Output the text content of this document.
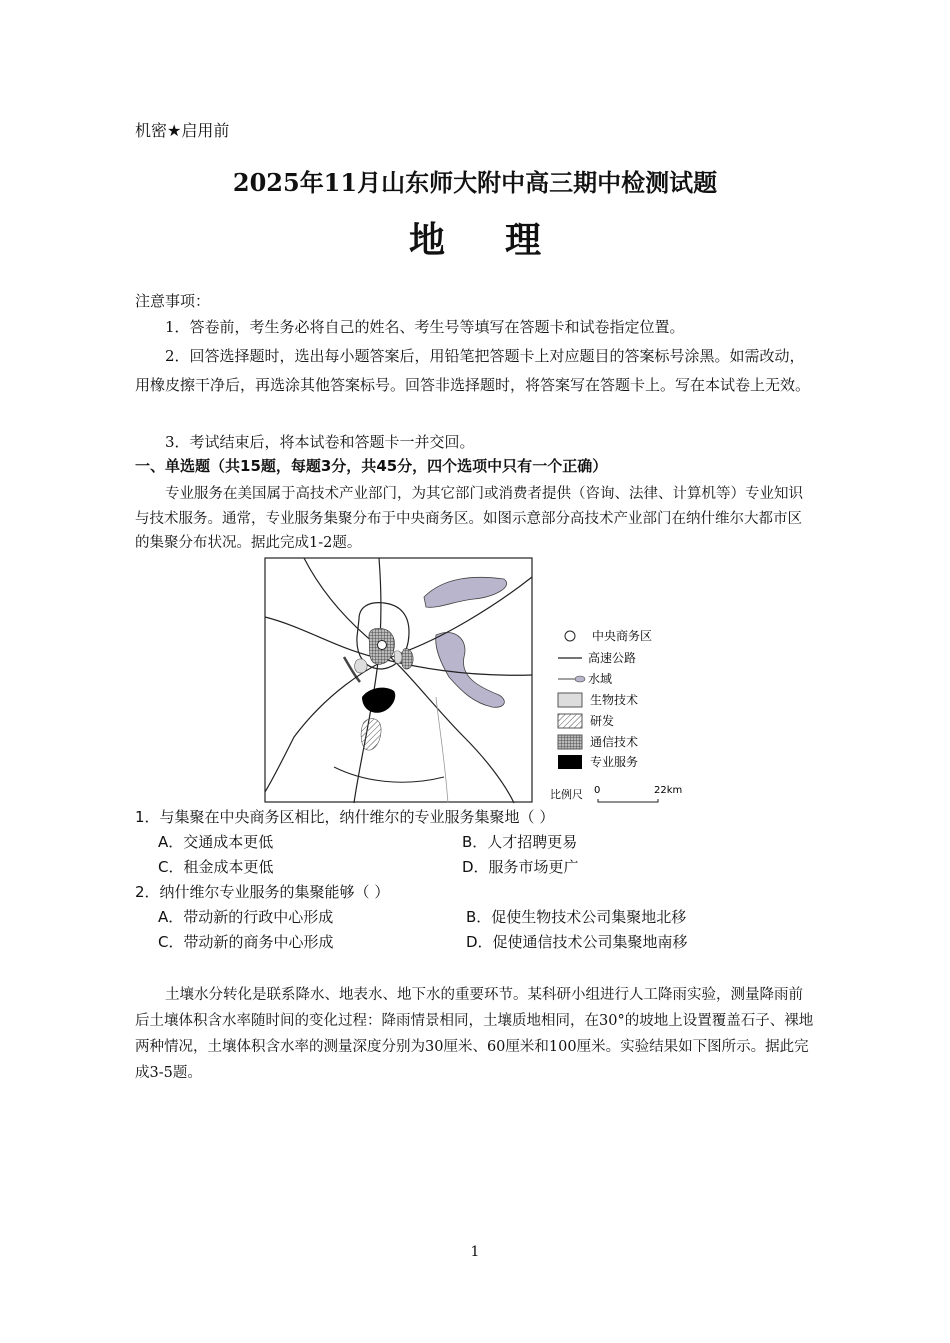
机密★启用前
2025年11月山东师大附中高三期中检测试题
地理
注意事项：
1．答卷前，考生务必将自己的姓名、考生号等填写在答题卡和试卷指定位置。
2．回答选择题时，选出每小题答案后，用铅笔把答题卡上对应题目的答案标号涂黑。如需改动，用橡皮擦干净后，再选涂其他答案标号。回答非选择题时，将答案写在答题卡上。写在本试卷上无效。
3．考试结束后，将本试卷和答题卡一并交回。
一、单选题（共15题，每题3分，共45分，四个选项中只有一个正确）
专业服务在美国属于高技术产业部门，为其它部门或消费者提供（咨询、法律、计算机等）专业知识与技术服务。通常，专业服务集聚分布于中央商务区。如图示意部分高技术产业部门在纳什维尔大都市区的集聚分布状况。据此完成1-2题。
中央商务区
高速公路
水域
生物技术
研发
通信技术
专业服务
比例尺 0	22km
1．与集聚在中央商务区相比，纳什维尔的专业服务集聚地（ ）
A．交通成本更低	B．人才招聘更易
C．租金成本更低	D．服务市场更广
2．纳什维尔专业服务的集聚能够（ ）
A．带动新的行政中心形成	B．促使生物技术公司集聚地北移
C．带动新的商务中心形成	D．促使通信技术公司集聚地南移
土壤水分转化是联系降水、地表水、地下水的重要环节。某科研小组进行人工降雨实验，测量降雨前后土壤体积含水率随时间的变化过程：降雨情景相同，土壤质地相同，在30°的坡地上设置覆盖石子、裸地两种情况，土壤体积含水率的测量深度分别为30厘米、60厘米和100厘米。实验结果如下图所示。据此完成3-5题。
1
